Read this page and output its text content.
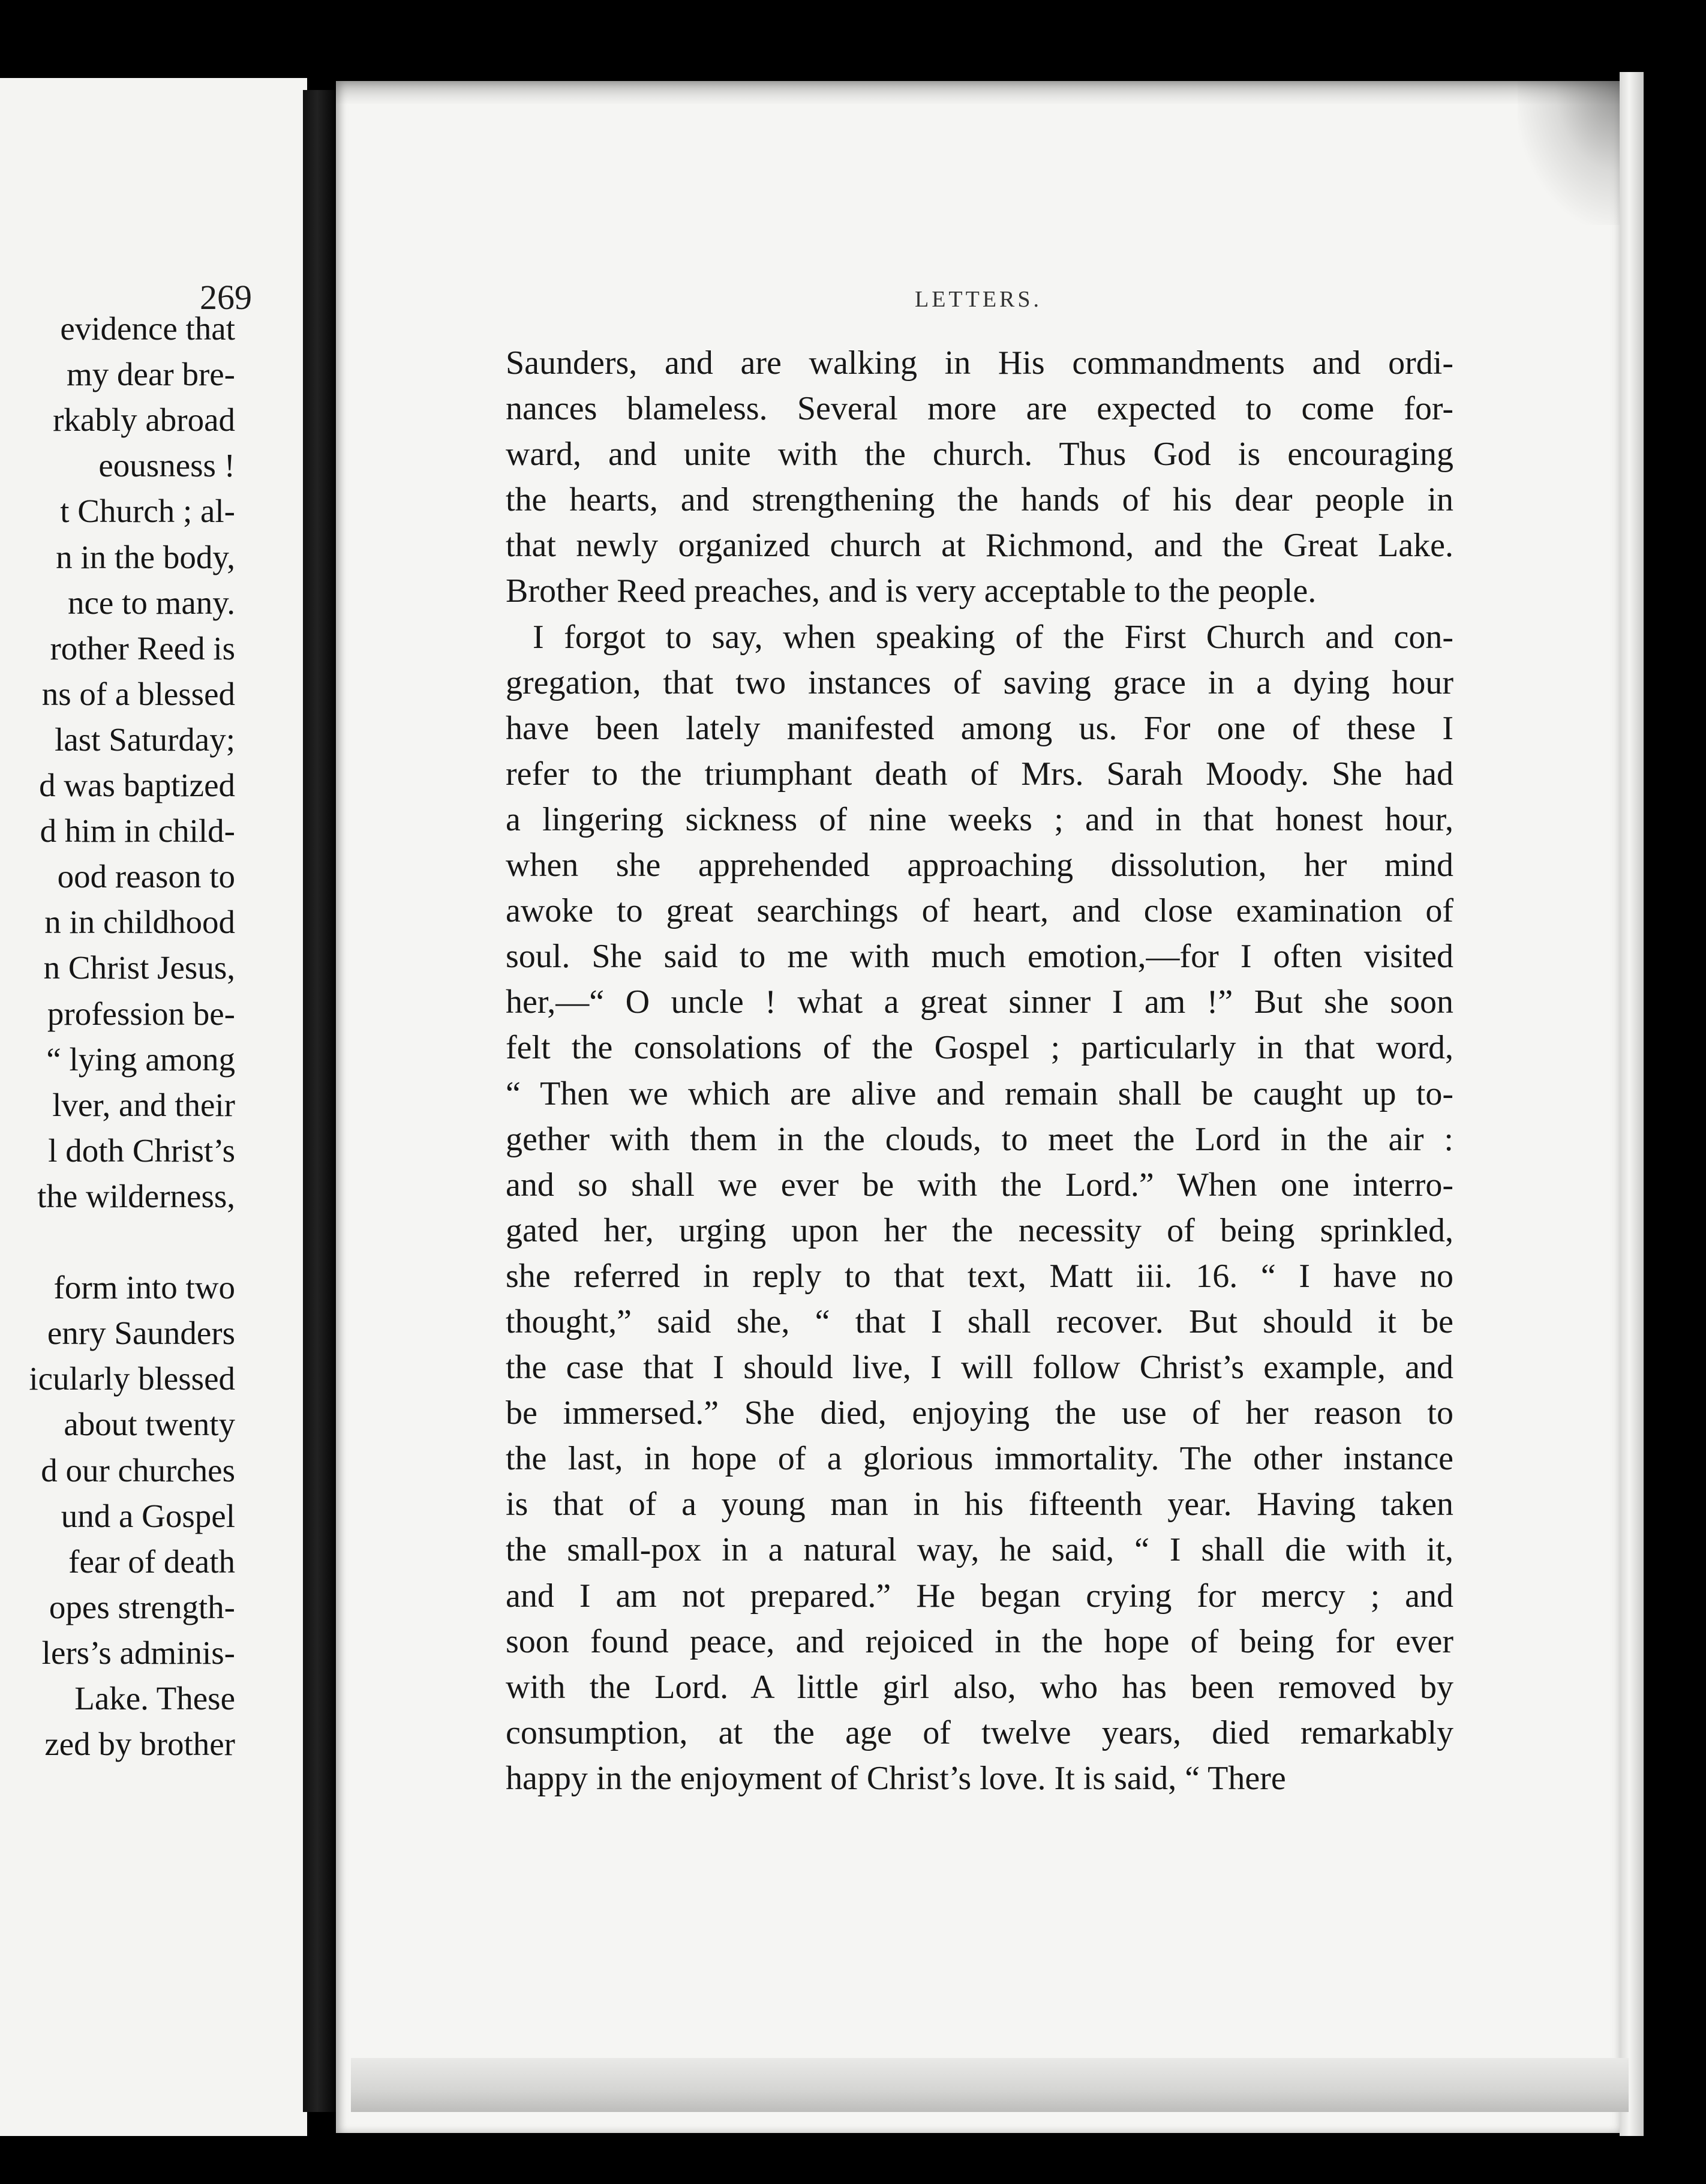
evidence that
my dear bre-
rkably abroad
eousness !
t Church ; al-
n in the body,
nce to many.
rother Reed is
ns of a blessed
last Saturday;
d was baptized
d him in child-
ood reason to
n in childhood
n Christ Jesus,
profession be-
“ lying among
lver, and their
l doth Christ’s
the wilderness,
form into two
enry Saunders
icularly blessed
about twenty
d our churches
und a Gospel
fear of death
opes strength-
lers’s adminis-
Lake. These
zed by brother
LETTERS.
269
Saunders, and are walking in His commandments and ordi-
nances blameless. Several more are expected to come for-
ward, and unite with the church. Thus God is encouraging
the hearts, and strengthening the hands of his dear people in
that newly organized church at Richmond, and the Great Lake.
Brother Reed preaches, and is very acceptable to the people.
I forgot to say, when speaking of the First Church and con-
gregation, that two instances of saving grace in a dying hour
have been lately manifested among us. For one of these I
refer to the triumphant death of Mrs. Sarah Moody. She had
a lingering sickness of nine weeks ; and in that honest hour,
when she apprehended approaching dissolution, her mind
awoke to great searchings of heart, and close examination of
soul. She said to me with much emotion,—for I often visited
her,—“ O uncle ! what a great sinner I am !” But she soon
felt the consolations of the Gospel ; particularly in that word,
“ Then we which are alive and remain shall be caught up to-
gether with them in the clouds, to meet the Lord in the air :
and so shall we ever be with the Lord.” When one interro-
gated her, urging upon her the necessity of being sprinkled,
she referred in reply to that text, Matt iii. 16. “ I have no
thought,” said she, “ that I shall recover. But should it be
the case that I should live, I will follow Christ’s example, and
be immersed.” She died, enjoying the use of her reason to
the last, in hope of a glorious immortality. The other instance
is that of a young man in his fifteenth year. Having taken
the small-pox in a natural way, he said, “ I shall die with it,
and I am not prepared.” He began crying for mercy ; and
soon found peace, and rejoiced in the hope of being for ever
with the Lord. A little girl also, who has been removed by
consumption, at the age of twelve years, died remarkably
happy in the enjoyment of Christ’s love. It is said, “ There
